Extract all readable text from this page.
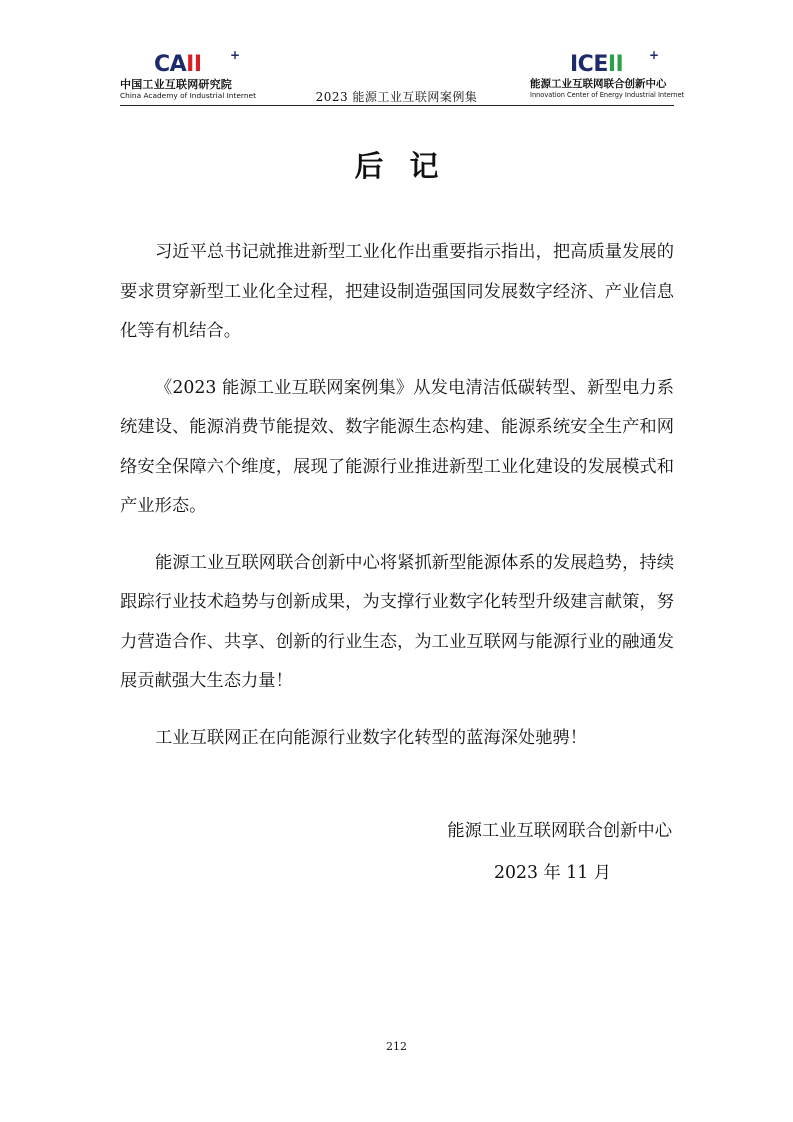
CAII +
中国工业互联网研究院
China Academy of Industrial Internet	2023 能源工业互联网案例集
ICEII +
能源工业互联网联合创新中心
Innovation Center of Energy Industrial Internet
后记

习近平总书记就推进新型工业化作出重要指示指出，把高质量发展的要求贯穿新型工业化全过程，把建设制造强国同发展数字经济、产业信息化等有机结合。

《2023 能源工业互联网案例集》从发电清洁低碳转型、新型电力系统建设、能源消费节能提效、数字能源生态构建、能源系统安全生产和网络安全保障六个维度，展现了能源行业推进新型工业化建设的发展模式和产业形态。

能源工业互联网联合创新中心将紧抓新型能源体系的发展趋势，持续跟踪行业技术趋势与创新成果，为支撑行业数字化转型升级建言献策，努力营造合作、共享、创新的行业生态，为工业互联网与能源行业的融通发展贡献强大生态力量！

工业互联网正在向能源行业数字化转型的蓝海深处驰骋！

能源工业互联网联合创新中心
2023 年 11 月
212
